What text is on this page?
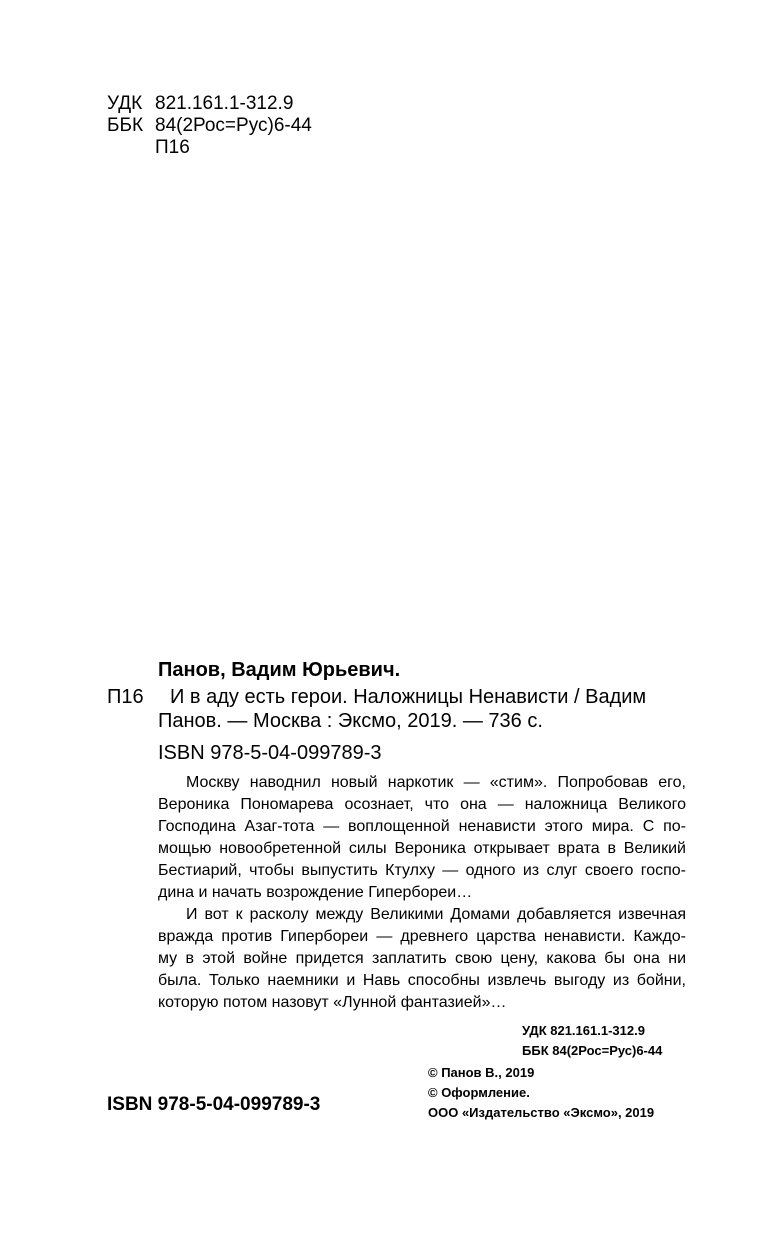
УДК 821.161.1-312.9
ББК 84(2Рос=Рус)6-44
П16
Панов, Вадим Юрьевич.
П16 И в аду есть герои. Наложницы Ненависти / Вадим
Панов. — Москва : Эксмо, 2019. — 736 с.
ISBN 978-5-04-099789-3
Москву наводнил новый наркотик — «стим». Попробовав его,
Вероника Пономарева осознает, что она — наложница Великого
Господина Азаг-тота — воплощенной ненависти этого мира. С по-
мощью новообретенной силы Вероника открывает врата в Великий
Бестиарий, чтобы выпустить Ктулху — одного из слуг своего госпо-
дина и начать возрождение Гипербореи…
И вот к расколу между Великими Домами добавляется извечная
вражда против Гипербореи — древнего царства ненависти. Каждо-
му в этой войне придется заплатить свою цену, какова бы она ни
была. Только наемники и Навь способны извлечь выгоду из бойни,
которую потом назовут «Лунной фантазией»…
УДК 821.161.1-312.9
ББК 84(2Рос=Рус)6-44
© Панов В., 2019
© Оформление.
ООО «Издательство «Эксмо», 2019
ISBN 978-5-04-099789-3
